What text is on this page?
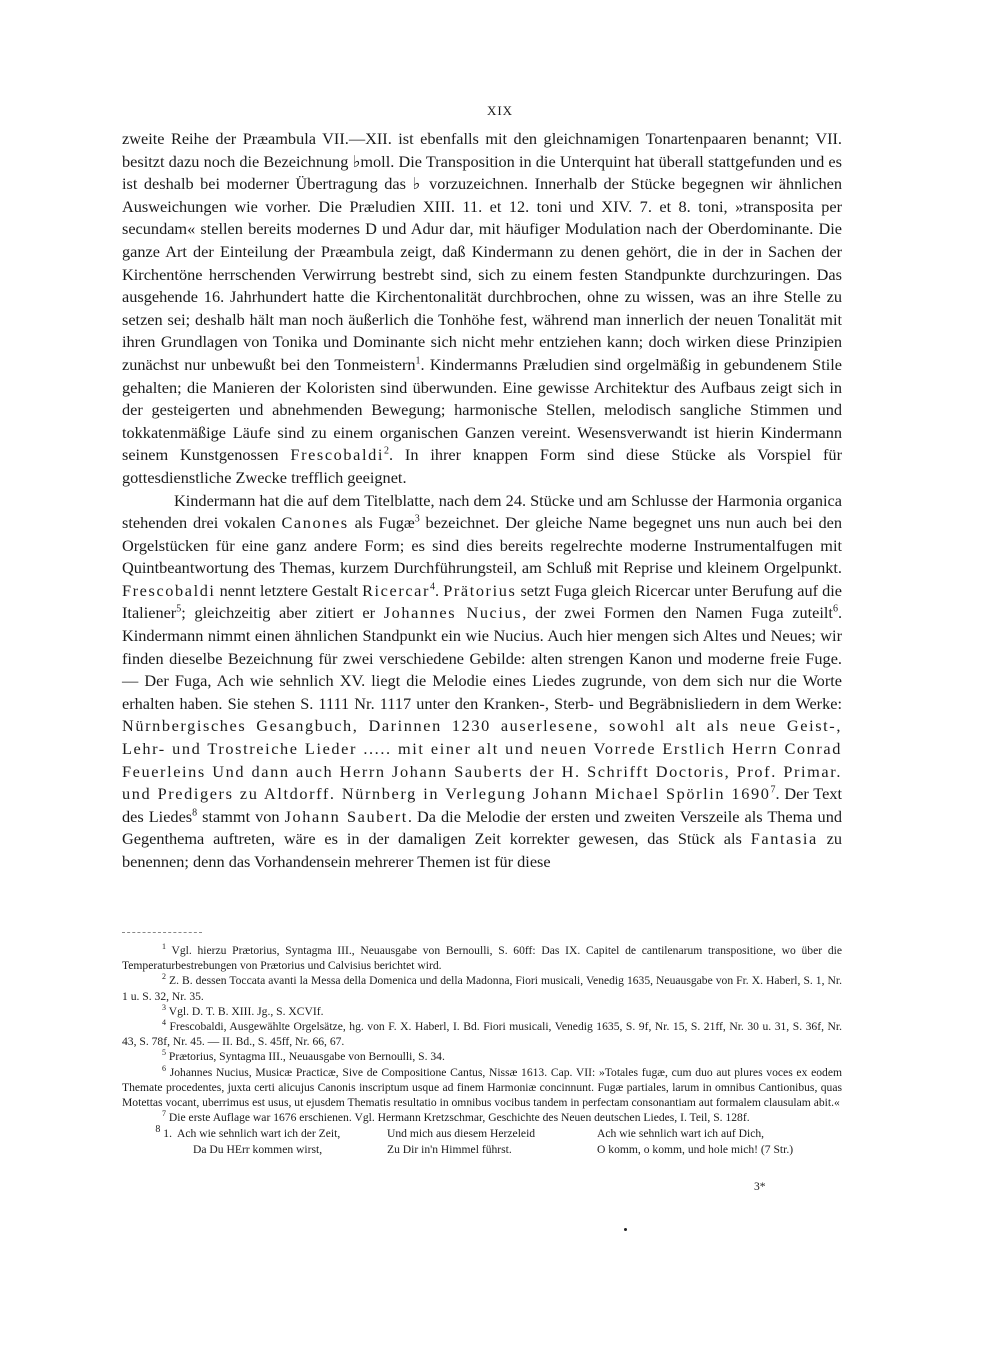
XIX

zweite Reihe der Præambula VII.—XII. ist ebenfalls mit den gleichnamigen Tonartenpaaren benannt; VII. besitzt dazu noch die Bezeichnung ♭moll. Die Transposition in die Unterquint hat überall stattgefunden und es ist deshalb bei moderner Übertragung das ♭ vorzuzeichnen. Innerhalb der Stücke begegnen wir ähnlichen Ausweichungen wie vorher. Die Præludien XIII. 11. et 12. toni und XIV. 7. et 8. toni, »transposita per secundam« stellen bereits modernes D und Adur dar, mit häufiger Modulation nach der Oberdominante. Die ganze Art der Einteilung der Præambula zeigt, daß Kindermann zu denen gehört, die in der in Sachen der Kirchentöne herrschenden Verwirrung bestrebt sind, sich zu einem festen Standpunkte durchzuringen. Das ausgehende 16. Jahrhundert hatte die Kirchentonalität durchbrochen, ohne zu wissen, was an ihre Stelle zu setzen sei; deshalb hält man noch äußerlich die Tonhöhe fest, während man innerlich der neuen Tonalität mit ihren Grundlagen von Tonika und Dominante sich nicht mehr entziehen kann; doch wirken diese Prinzipien zunächst nur unbewußt bei den Tonmeistern$^1$. Kindermanns Præludien sind orgelmäßig in gebundenem Stile gehalten; die Manieren der Koloristen sind überwunden. Eine gewisse Architektur des Aufbaus zeigt sich in der gesteigerten und abnehmenden Bewegung; harmonische Stellen, melodisch sangliche Stimmen und tokkatenmäßige Läufe sind zu einem organischen Ganzen vereint. Wesensverwandt ist hierin Kindermann seinem Kunstgenossen Frescobaldi$^2$. In ihrer knappen Form sind diese Stücke als Vorspiel für gottesdienstliche Zwecke trefflich geeignet.

Kindermann hat die auf dem Titelblatte, nach dem 24. Stücke und am Schlusse der Harmonia organica stehenden drei vokalen Canones als Fugæ$^3$ bezeichnet. Der gleiche Name begegnet uns nun auch bei den Orgelstücken für eine ganz andere Form; es sind dies bereits regelrechte moderne Instrumentalfugen mit Quintbeantwortung des Themas, kurzem Durchführungsteil, am Schluß mit Reprise und kleinem Orgelpunkt. Frescobaldi nennt letztere Gestalt Ricercar$^4$. Prätorius setzt Fuga gleich Ricercar unter Berufung auf die Italiener$^5$; gleichzeitig aber zitiert er Johannes Nucius, der zwei Formen den Namen Fuga zuteilt$^6$. Kindermann nimmt einen ähnlichen Standpunkt ein wie Nucius. Auch hier mengen sich Altes und Neues; wir finden dieselbe Bezeichnung für zwei verschiedene Gebilde: alten strengen Kanon und moderne freie Fuge. — Der Fuga, Ach wie sehnlich XV. liegt die Melodie eines Liedes zugrunde, von dem sich nur die Worte erhalten haben. Sie stehen S. 1111 Nr. 1117 unter den Kranken-, Sterb- und Begräbnisliedern in dem Werke: Nürnbergisches Gesangbuch, Darinnen 1230 auserlesene, sowohl alt als neue Geist-, Lehr- und Trostreiche Lieder ..... mit einer alt und neuen Vorrede Erstlich Herrn Conrad Feuerleins Und dann auch Herrn Johann Sauberts der H. Schrifft Doctoris, Prof. Primar. und Predigers zu Altdorff. Nürnberg in Verlegung Johann Michael Spörlin 1690$^7$. Der Text des Liedes$^8$ stammt von Johann Saubert. Da die Melodie der ersten und zweiten Verszeile als Thema und Gegenthema auftreten, wäre es in der damaligen Zeit korrekter gewesen, das Stück als Fantasia zu benennen; denn das Vorhandensein mehrerer Themen ist für diese

$^1$ Vgl. hierzu Prætorius, Syntagma III., Neuausgabe von Bernoulli, S. 60ff: Das IX. Capitel de cantilenarum transpositione, wo über die Temperaturbestrebungen von Prætorius und Calvisius berichtet wird.

$^2$ Z. B. dessen Toccata avanti la Messa della Domenica und della Madonna, Fiori musicali, Venedig 1635, Neuausgabe von Fr. X. Haberl, S. 1, Nr. 1 u. S. 32, Nr. 35.

$^3$ Vgl. D. T. B. XIII. Jg., S. XCVIf.

$^4$ Frescobaldi, Ausgewählte Orgelsätze, hg. von F. X. Haberl, I. Bd. Fiori musicali, Venedig 1635, S. 9f, Nr. 15, S. 21ff, Nr. 30 u. 31, S. 36f, Nr. 43, S. 78f, Nr. 45. — II. Bd., S. 45ff, Nr. 66, 67.

$^5$ Prætorius, Syntagma III., Neuausgabe von Bernoulli, S. 34.

$^6$ Johannes Nucius, Musicæ Practicæ, Sive de Compositione Cantus, Nissæ 1613. Cap. VII: »Totales fugæ, cum duo aut plures voces ex eodem Themate procedentes, juxta certi alicujus Canonis inscriptum usque ad finem Harmoniæ concinnunt. Fugæ partiales, larum in omnibus Cantionibus, quas Motettas vocant, uberrimus est usus, ut ejusdem Thematis resultatio in omnibus vocibus tandem in perfectam consonantiam aut formalem clausulam abit.«

$^7$ Die erste Auflage war 1676 erschienen. Vgl. Hermann Kretzschmar, Geschichte des Neuen deutschen Liedes, I. Teil, S. 128f.

$^8$ 1. Ach wie sehnlich wart ich der Zeit,
Da Du HErr kommen wirst,
Und mich aus diesem Herzeleid
Zu Dir in'n Himmel führst.
Ach wie sehnlich wart ich auf Dich,
O komm, o komm, und hole mich! (7 Str.)
3*
